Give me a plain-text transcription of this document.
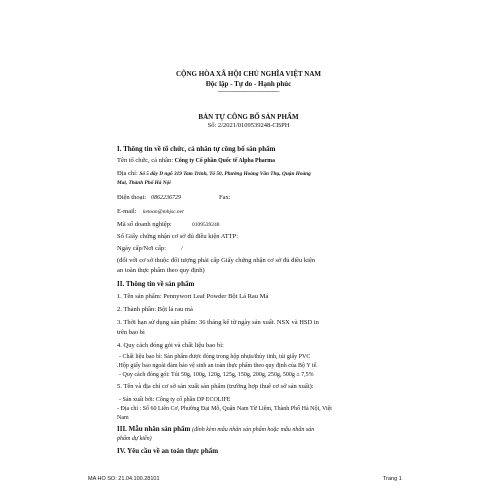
CỘNG HÒA XÃ HỘI CHỦ NGHĨA VIỆT NAM
Độc lập - Tự do - Hạnh phúc
----------------------------------------
BẢN TỰ CÔNG BỐ SẢN PHẨM
Số: 2/2021/0109539248-CBPH
I. Thông tin về tổ chức, cá nhân tự công bố sản phẩm
Tên tổ chức, cá nhân: Công ty Cổ phần Quốc tế Alpha Pharma
Địa chỉ: Số 5 dãy D ngõ 319 Tam Trinh, Tổ 50, Phường Hoàng Văn Thụ, Quận Hoàng
Mai, Thành Phố Hà Nội
Điện thoại: 0862236729	Fax:
E-mail: ketoan@mhjsc.net
Mã số doanh nghiệp:	0109539248
Số Giấy chứng nhận cơ sở đủ điều kiện ATTP:
Ngày cấp/Nơi cấp:	/
(đối với cơ sở thuộc đối tượng phải cấp Giấy chứng nhận cơ sở đủ điều kiện
an toàn thực phẩm theo quy định)
II. Thông tin về sản phẩm
1. Tên sản phẩm: Pennywort Leaf Powder Bột Lá Rau Má
2. Thành phần: Bột lá rau má
3. Thời hạn sử dụng sản phẩm: 36 tháng kể từ ngày sản xuất. NSX và HSD in
trên bao bì
4. Quy cách đóng gói và chất liệu bao bì:
- Chất liệu bao bì: Sản phẩm được đóng trong hộp nhựa/thủy tinh, túi giấy PVC
.Hộp giấy bao ngoài đảm bảo vệ sinh an toàn thực phẩm theo quy định của Bộ Y tế.
- Quy cách đóng gói: Túi 50g, 100g, 120g, 125g, 150g, 200g, 250g, 500g ± 7,5%
5. Tên và địa chỉ cơ sở sản xuất sản phẩm (trường hợp thuê cơ sở sản xuất):
- Sản xuất bởi: Công ty cổ phần DP ECOLIFE
- Địa chỉ : Số 60 Liên Cơ, Phường Đại Mỗ, Quận Nam Từ Liêm, Thành Phố Hà Nội, Việt
Nam
III. Mẫu nhãn sản phẩm (đính kèm mẫu nhãn sản phẩm hoặc mẫu nhãn sản
phẩm dự kiến)
IV. Yêu cầu về an toàn thực phẩm
MA HO SO: 21.04.100.28101	Trang 1
